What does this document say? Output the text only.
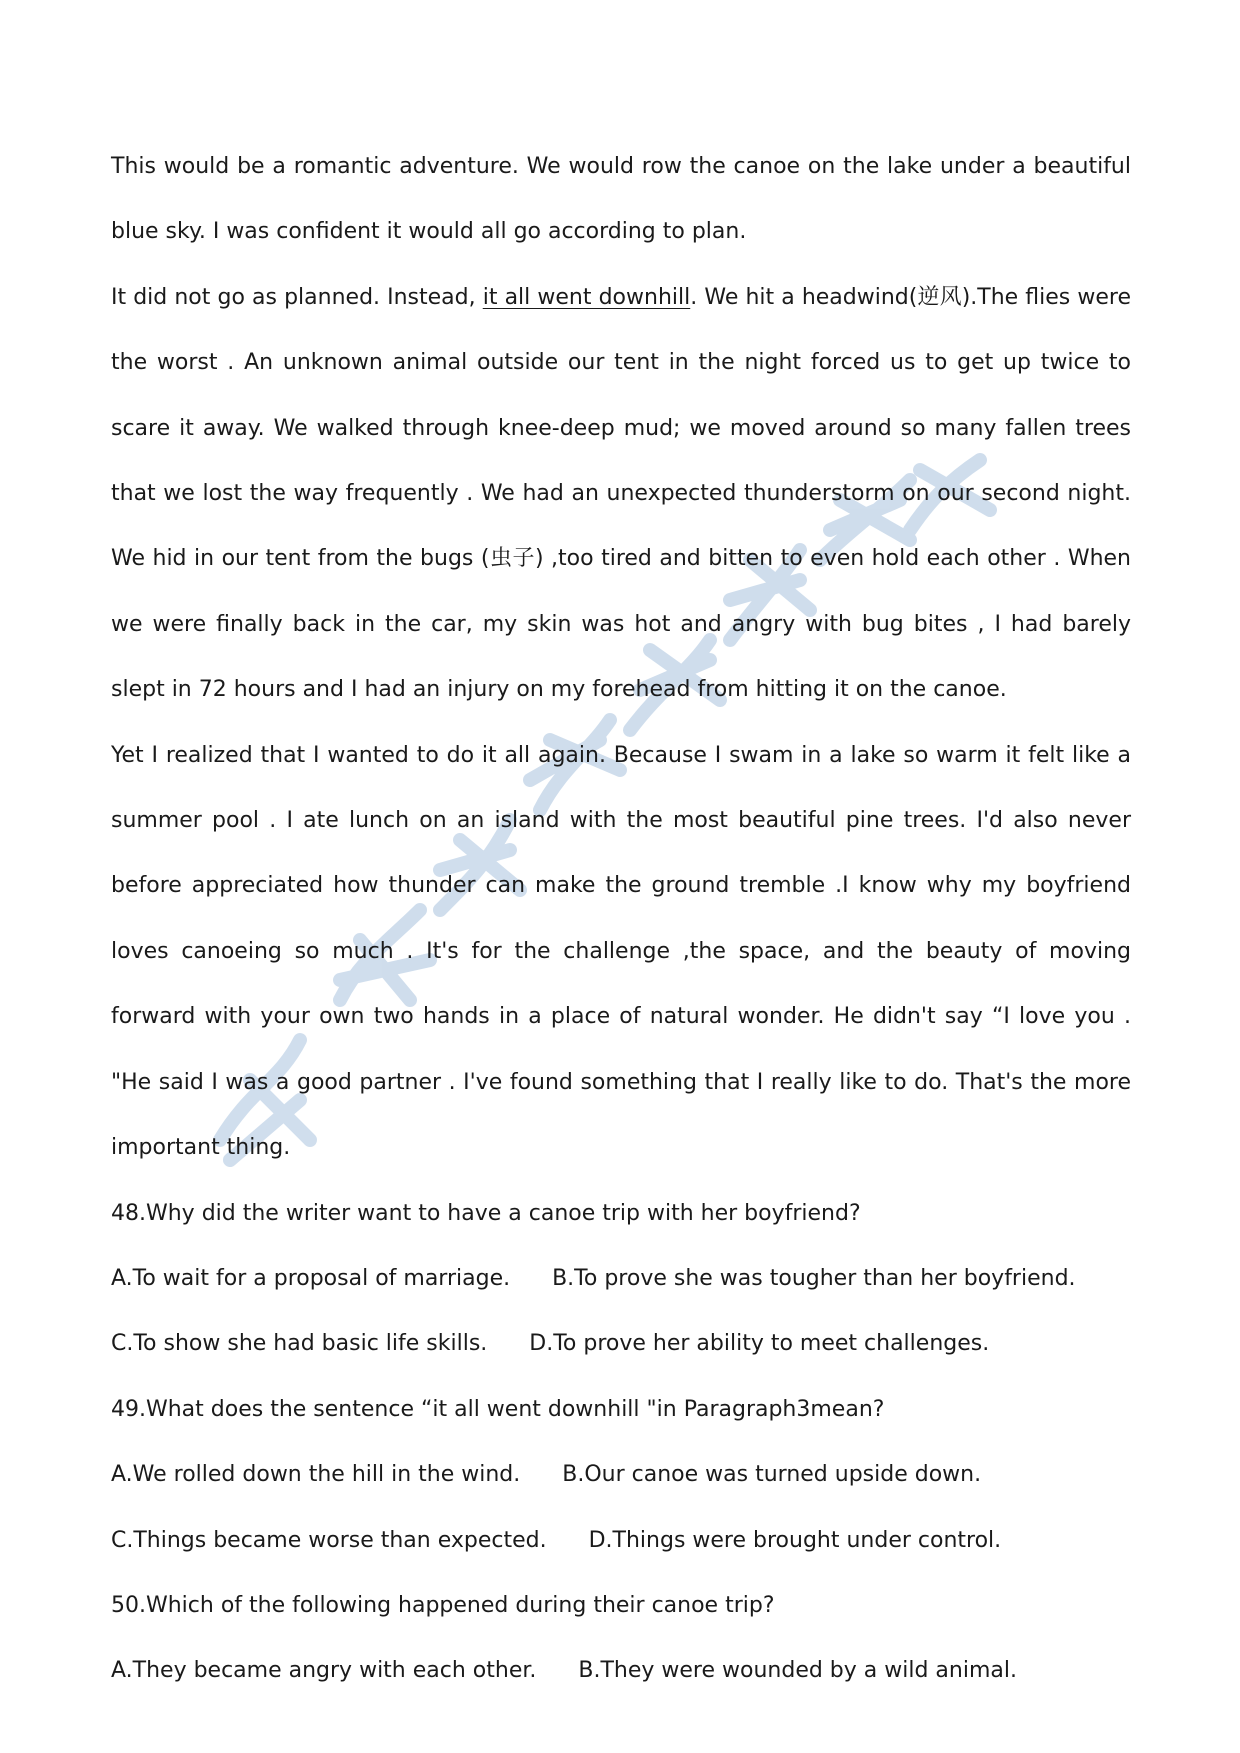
This would be a romantic adventure. We would row the canoe on the lake under a beautiful blue sky. I was confident it would all go according to plan.

It did not go as planned. Instead, it all went downhill. We hit a headwind(逆风).The flies were the worst . An unknown animal outside our tent in the night forced us to get up twice to scare it away. We walked through knee-deep mud; we moved around so many fallen trees that we lost the way frequently . We had an unexpected thunderstorm on our second night. We hid in our tent from the bugs (虫子) ,too tired and bitten to even hold each other . When we were finally back in the car, my skin was hot and angry with bug bites , I had barely slept in 72 hours and I had an injury on my forehead from hitting it on the canoe.

Yet I realized that I wanted to do it all again. Because I swam in a lake so warm it felt like a summer pool . I ate lunch on an island with the most beautiful pine trees. I'd also never before appreciated how thunder can make the ground tremble .I know why my boyfriend loves canoeing so much . It's for the challenge ,the space, and the beauty of moving forward with your own two hands in a place of natural wonder. He didn't say “I love you . "He said I was a good partner . I've found something that I really like to do. That's the more important thing.

48.Why did the writer want to have a canoe trip with her boyfriend?
A.To wait for a proposal of marriage. B.To prove she was tougher than her boyfriend.
C.To show she had basic life skills. D.To prove her ability to meet challenges.
49.What does the sentence “it all went downhill "in Paragraph3mean?
A.We rolled down the hill in the wind. B.Our canoe was turned upside down.
C.Things became worse than expected. D.Things were brought under control.
50.Which of the following happened during their canoe trip?
A.They became angry with each other. B.They were wounded by a wild animal.
